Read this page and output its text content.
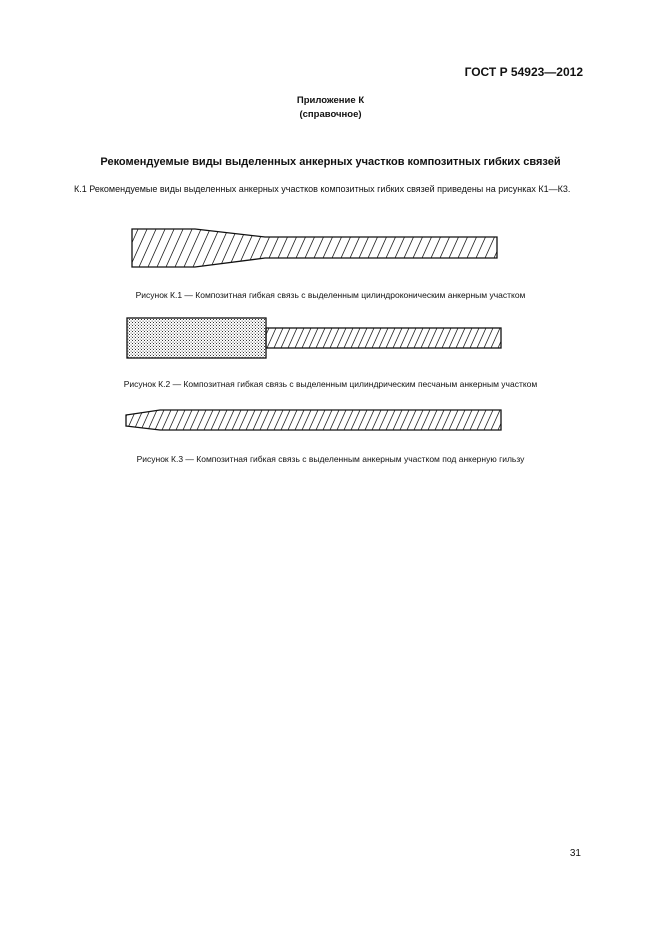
ГОСТ Р 54923—2012
Приложение К
(справочное)
Рекомендуемые виды выделенных анкерных участков композитных гибких связей
К.1 Рекомендуемые виды выделенных анкерных участков композитных гибких связей приведены на рисунках К1—К3.
Рисунок К.1 — Композитная гибкая связь с выделенным цилиндроконическим анкерным участком
Рисунок К.2 — Композитная гибкая связь с выделенным цилиндрическим песчаным анкерным участком
Рисунок К.3 — Композитная гибкая связь с выделенным анкерным участком под анкерную гильзу
31
